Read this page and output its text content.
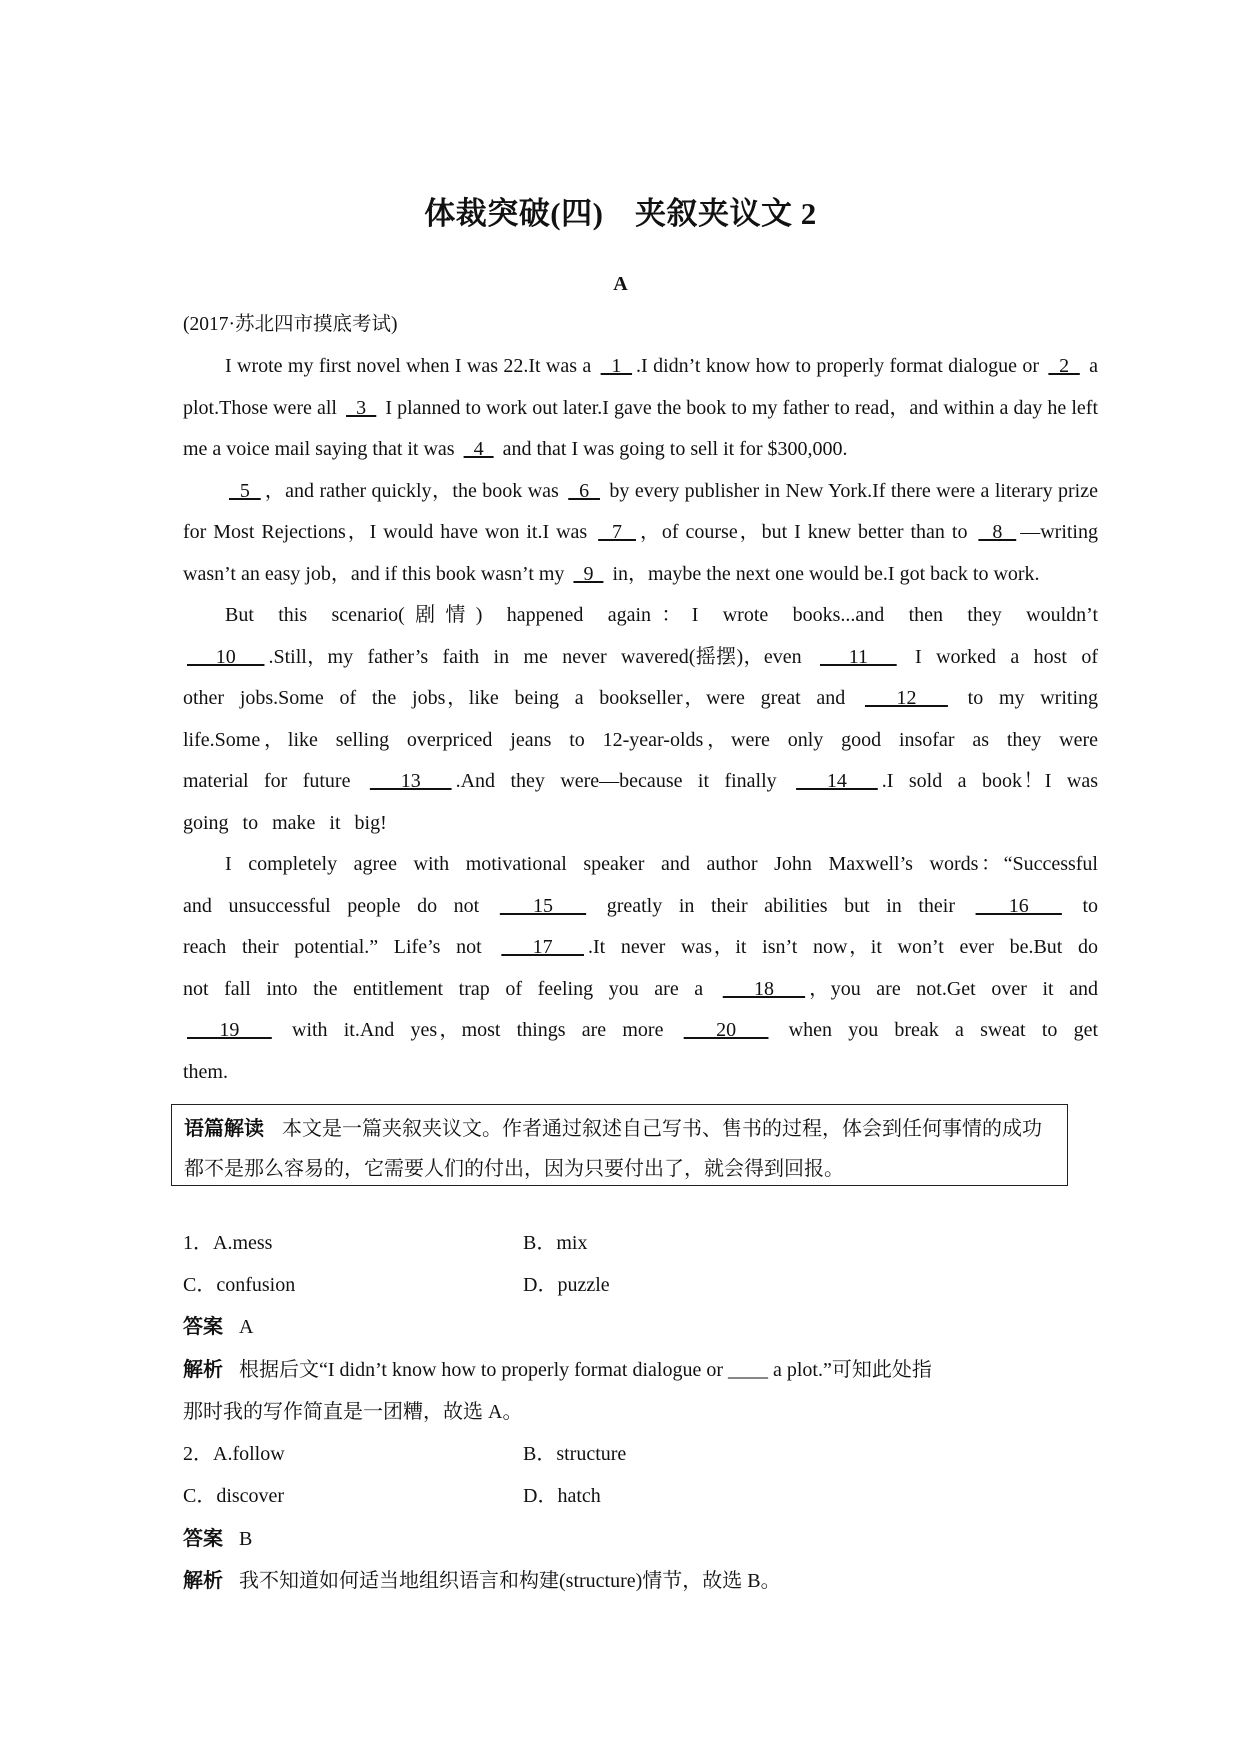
体裁突破(四)　夹叙夹议文 2
A
(2017·苏北四市摸底考试)

I wrote my first novel when I was 22.It was a   1  .I didn’t know how to properly format dialogue or   2   a plot.Those were all   3   I planned to work out later.I gave the book to my father to read，and within a day he left me a voice mail saying that it was   4   and that I was going to sell it for $300,000.

5  ，and rather quickly，the book was   6   by every publisher in New York.If there were a literary prize for Most Rejections，I would have won it.I was   7  ，of course，but I knew better than to   8  —writing wasn’t an easy job，and if this book wasn’t my   9   in，maybe the next one would be.I got back to work.

But this scenario(剧情) happened again：I wrote books...and then they wouldn’t   10  .Still，my father’s faith in me never wavered(摇摆)，even   11   I worked a host of other jobs.Some of the jobs，like being a bookseller，were great and   12   to my writing life.Some，like selling overpriced jeans to 12-year-olds，were only good insofar as they were material for future   13  .And they were—because it finally   14  .I sold a book！I was going to make it big!

I completely agree with motivational speaker and author John Maxwell’s words：“Successful and unsuccessful people do not   15   greatly in their abilities but in their   16   to reach their potential.” Life’s not   17  .It never was，it isn’t now，it won’t ever be.But do not fall into the entitlement trap of feeling you are a   18  ，you are not.Get over it and   19   with it.And yes，most things are more   20   when you break a sweat to get them.

语篇解读 本文是一篇夹叙夹议文。作者通过叙述自己写书、售书的过程，体会到任何事情的成功都不是那么容易的，它需要人们的付出，因为只要付出了，就会得到回报。
1．A.mess	B．mix
C．confusion	D．puzzle
答案 A
解析 根据后文“I didn’t know how to properly format dialogue or ____ a plot.”可知此处指
那时我的写作简直是一团糟，故选 A。
2．A.follow	B．structure
C．discover	D．hatch
答案 B
解析 我不知道如何适当地组织语言和构建(structure)情节，故选 B。
